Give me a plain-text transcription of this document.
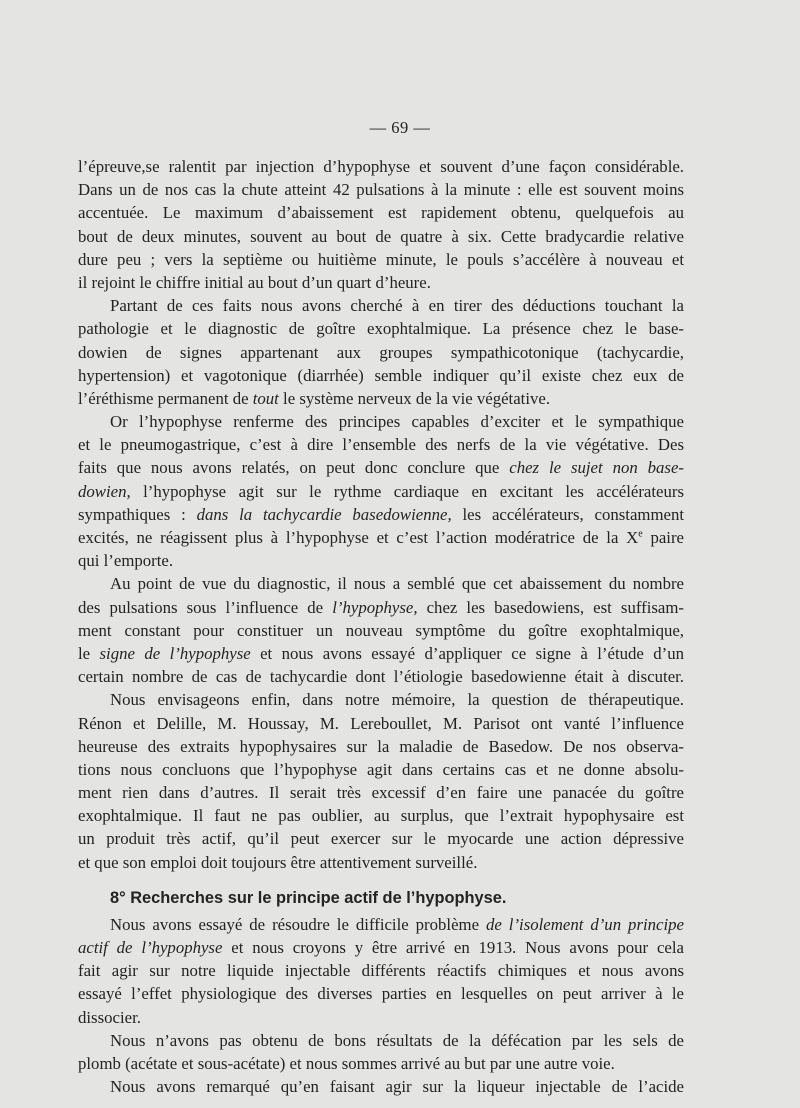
— 69 —
l’épreuve,se ralentit par injection d’hypophyse et souvent d’une façon considérable.
Dans un de nos cas la chute atteint 42 pulsations à la minute : elle est souvent moins
accentuée. Le maximum d’abaissement est rapidement obtenu, quelquefois au
bout de deux minutes, souvent au bout de quatre à six. Cette bradycardie relative
dure peu ; vers la septième ou huitième minute, le pouls s’accélère à nouveau et
il rejoint le chiffre initial au bout d’un quart d’heure.
Partant de ces faits nous avons cherché à en tirer des déductions touchant la
pathologie et le diagnostic de goître exophtalmique. La présence chez le base-
dowien de signes appartenant aux groupes sympathicotonique (tachycardie,
hypertension) et vagotonique (diarrhée) semble indiquer qu’il existe chez eux de
l’éréthisme permanent de tout le système nerveux de la vie végétative.
Or l’hypophyse renferme des principes capables d’exciter et le sympathique
et le pneumogastrique, c’est à dire l’ensemble des nerfs de la vie végétative. Des
faits que nous avons relatés, on peut donc conclure que chez le sujet non base-
dowien, l’hypophyse agit sur le rythme cardiaque en excitant les accélérateurs
sympathiques : dans la tachycardie basedowienne, les accélérateurs, constamment
excités, ne réagissent plus à l’hypophyse et c’est l’action modératrice de la Xe paire
qui l’emporte.
Au point de vue du diagnostic, il nous a semblé que cet abaissement du nombre
des pulsations sous l’influence de l’hypophyse, chez les basedowiens, est suffisam-
ment constant pour constituer un nouveau symptôme du goître exophtalmique,
le signe de l’hypophyse et nous avons essayé d’appliquer ce signe à l’étude d’un
certain nombre de cas de tachycardie dont l’étiologie basedowienne était à discuter.
Nous envisageons enfin, dans notre mémoire, la question de thérapeutique.
Rénon et Delille, M. Houssay, M. Lereboullet, M. Parisot ont vanté l’influence
heureuse des extraits hypophysaires sur la maladie de Basedow. De nos observa-
tions nous concluons que l’hypophyse agit dans certains cas et ne donne absolu-
ment rien dans d’autres. Il serait très excessif d’en faire une panacée du goître
exophtalmique. Il faut ne pas oublier, au surplus, que l’extrait hypophysaire est
un produit très actif, qu’il peut exercer sur le myocarde une action dépressive
et que son emploi doit toujours être attentivement surveillé.
8° Recherches sur le principe actif de l’hypophyse.
Nous avons essayé de résoudre le difficile problème de l’isolement d’un principe
actif de l’hypophyse et nous croyons y être arrivé en 1913. Nous avons pour cela
fait agir sur notre liquide injectable différents réactifs chimiques et nous avons
essayé l’effet physiologique des diverses parties en lesquelles on peut arriver à le
dissocier.
Nous n’avons pas obtenu de bons résultats de la défécation par les sels de
plomb (acétate et sous-acétate) et nous sommes arrivé au but par une autre voie.
Nous avons remarqué qu’en faisant agir sur la liqueur injectable de l’acide
